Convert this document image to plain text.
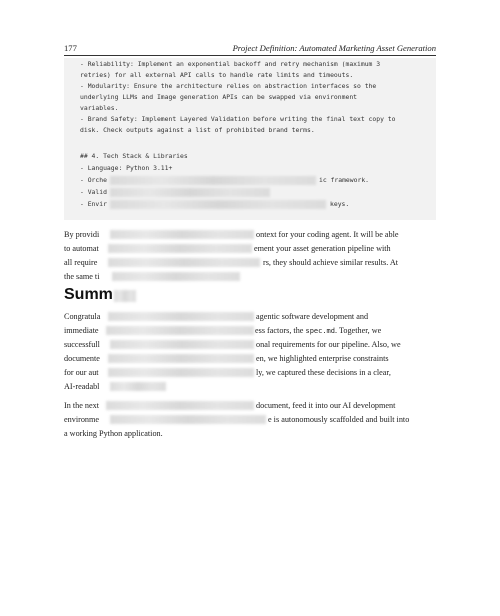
177	Project Definition: Automated Marketing Asset Generation
- Reliability: Implement an exponential backoff and retry mechanism (maximum 3
retries) for all external API calls to handle rate limits and timeouts.
- Modularity: Ensure the architecture relies on abstraction interfaces so the
underlying LLMs and Image generation APIs can be swapped via environment
variables.
- Brand Safety: Implement Layered Validation before writing the final text copy to
disk. Check outputs against a list of prohibited brand terms.
## 4. Tech Stack & Libraries
- Language: Python 3.11+
- Orche	ic framework.
- Valid
- Envir	keys.
By providi	ontext for your coding agent. It will be able
to automat	ement your asset generation pipeline with
all require	rs, they should achieve similar results. At
the same ti
Summ
Congratula	agentic software development and
immediate	ess factors, the spec.md. Together, we
successfull	onal requirements for our pipeline. Also, we
documente	en, we highlighted enterprise constraints
for our aut	ly, we captured these decisions in a clear,
AI-readabl
In the next	document, feed it into our AI development
environme	e is autonomously scaffolded and built into
a working Python application.
